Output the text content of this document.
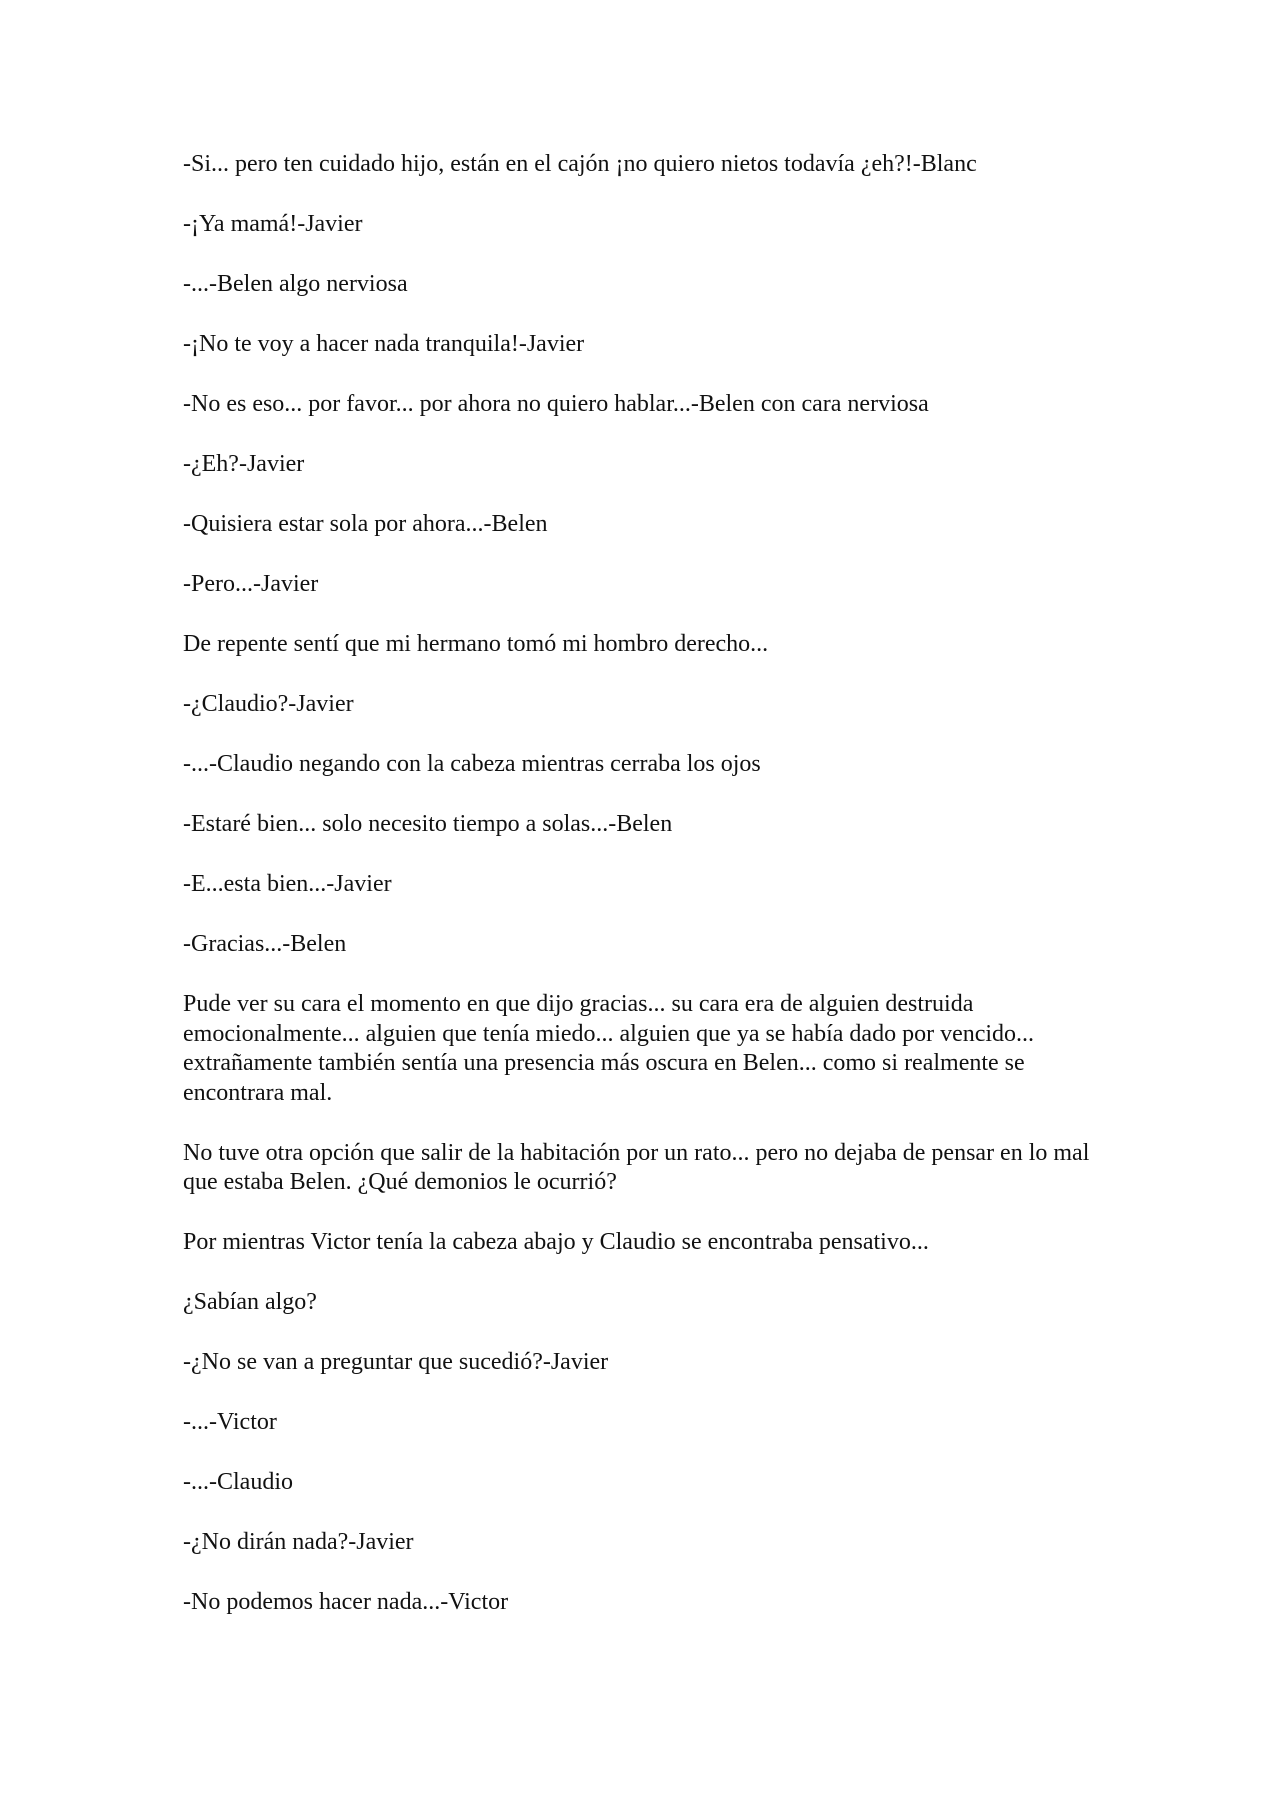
-Si... pero ten cuidado hijo, están en el cajón ¡no quiero nietos todavía ¿eh?!-Blanc

-¡Ya mamá!-Javier

-...-Belen algo nerviosa

-¡No te voy a hacer nada tranquila!-Javier

-No es eso... por favor... por ahora no quiero hablar...-Belen con cara nerviosa

-¿Eh?-Javier

-Quisiera estar sola por ahora...-Belen

-Pero...-Javier

De repente sentí que mi hermano tomó mi hombro derecho...

-¿Claudio?-Javier

-...-Claudio negando con la cabeza mientras cerraba los ojos

-Estaré bien... solo necesito tiempo a solas...-Belen

-E...esta bien...-Javier

-Gracias...-Belen

Pude ver su cara el momento en que dijo gracias... su cara era de alguien destruida emocionalmente... alguien que tenía miedo... alguien que ya se había dado por vencido... extrañamente también sentía una presencia más oscura en Belen... como si realmente se encontrara mal.

No tuve otra opción que salir de la habitación por un rato... pero no dejaba de pensar en lo mal que estaba Belen. ¿Qué demonios le ocurrió?

Por mientras Victor tenía la cabeza abajo y Claudio se encontraba pensativo...

¿Sabían algo?

-¿No se van a preguntar que sucedió?-Javier

-...-Victor

-...-Claudio

-¿No dirán nada?-Javier

-No podemos hacer nada...-Victor
